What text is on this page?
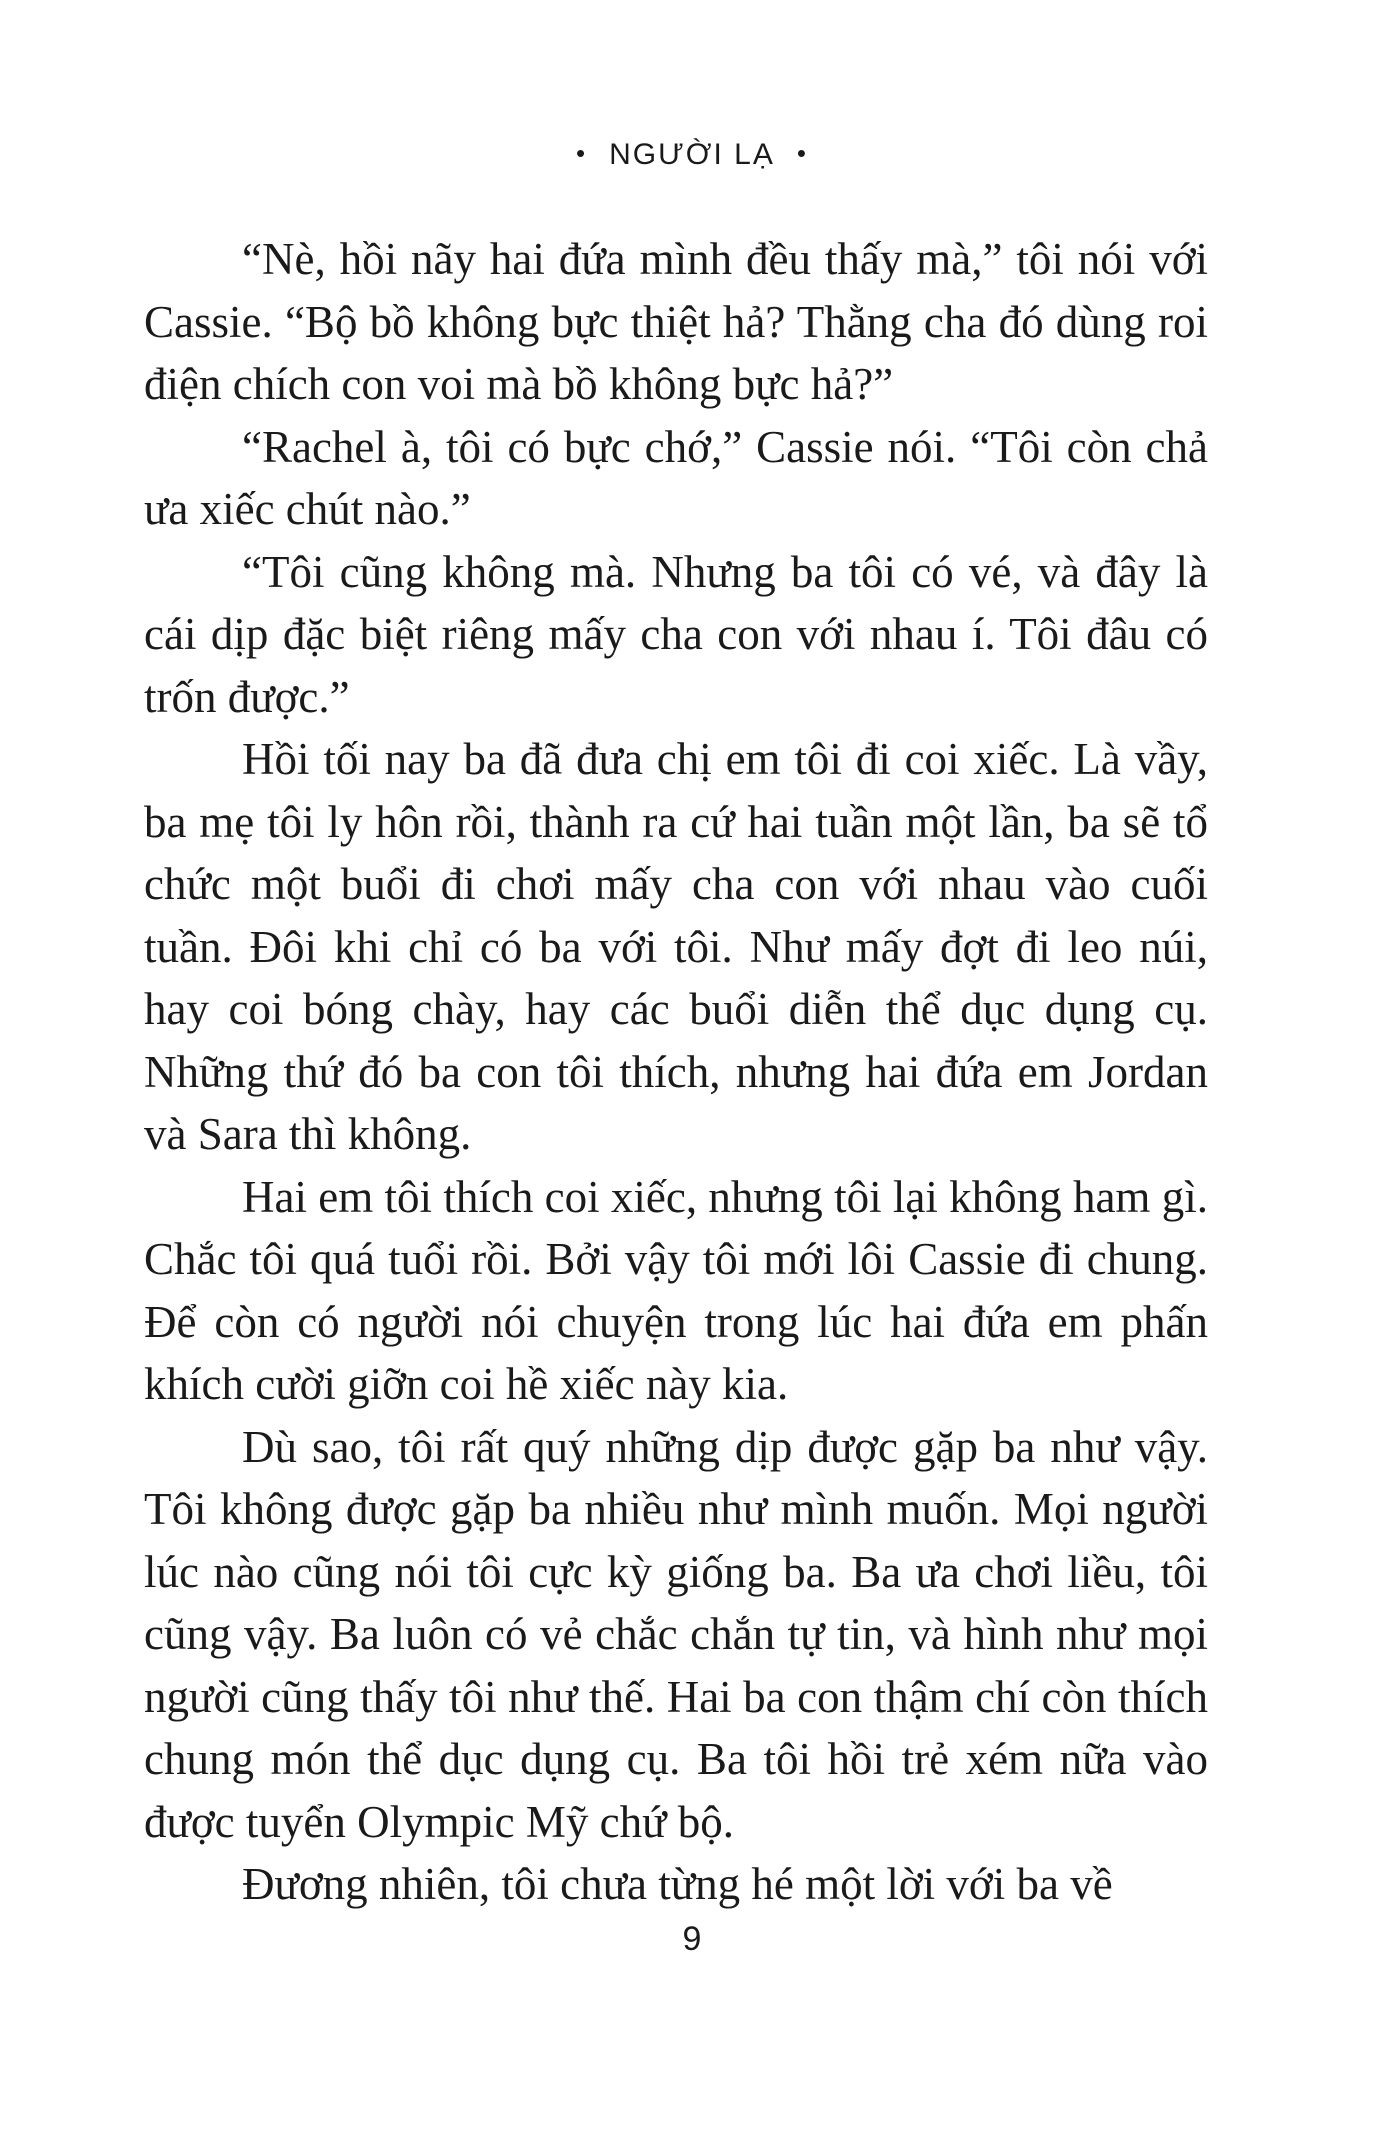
• NGƯỜI LẠ •

“Nè, hồi nãy hai đứa mình đều thấy mà,” tôi nói với Cassie. “Bộ bồ không bực thiệt hả? Thằng cha đó dùng roi điện chích con voi mà bồ không bực hả?”

“Rachel à, tôi có bực chớ,” Cassie nói. “Tôi còn chả ưa xiếc chút nào.”

“Tôi cũng không mà. Nhưng ba tôi có vé, và đây là cái dịp đặc biệt riêng mấy cha con với nhau í. Tôi đâu có trốn được.”

Hồi tối nay ba đã đưa chị em tôi đi coi xiếc. Là vầy, ba mẹ tôi ly hôn rồi, thành ra cứ hai tuần một lần, ba sẽ tổ chức một buổi đi chơi mấy cha con với nhau vào cuối tuần. Đôi khi chỉ có ba với tôi. Như mấy đợt đi leo núi, hay coi bóng chày, hay các buổi diễn thể dục dụng cụ. Những thứ đó ba con tôi thích, nhưng hai đứa em Jordan và Sara thì không.

Hai em tôi thích coi xiếc, nhưng tôi lại không ham gì. Chắc tôi quá tuổi rồi. Bởi vậy tôi mới lôi Cassie đi chung. Để còn có người nói chuyện trong lúc hai đứa em phấn khích cười giỡn coi hề xiếc này kia.

Dù sao, tôi rất quý những dịp được gặp ba như vậy. Tôi không được gặp ba nhiều như mình muốn. Mọi người lúc nào cũng nói tôi cực kỳ giống ba. Ba ưa chơi liều, tôi cũng vậy. Ba luôn có vẻ chắc chắn tự tin, và hình như mọi người cũng thấy tôi như thế. Hai ba con thậm chí còn thích chung món thể dục dụng cụ. Ba tôi hồi trẻ xém nữa vào được tuyển Olympic Mỹ chứ bộ.

Đương nhiên, tôi chưa từng hé một lời với ba về

9
